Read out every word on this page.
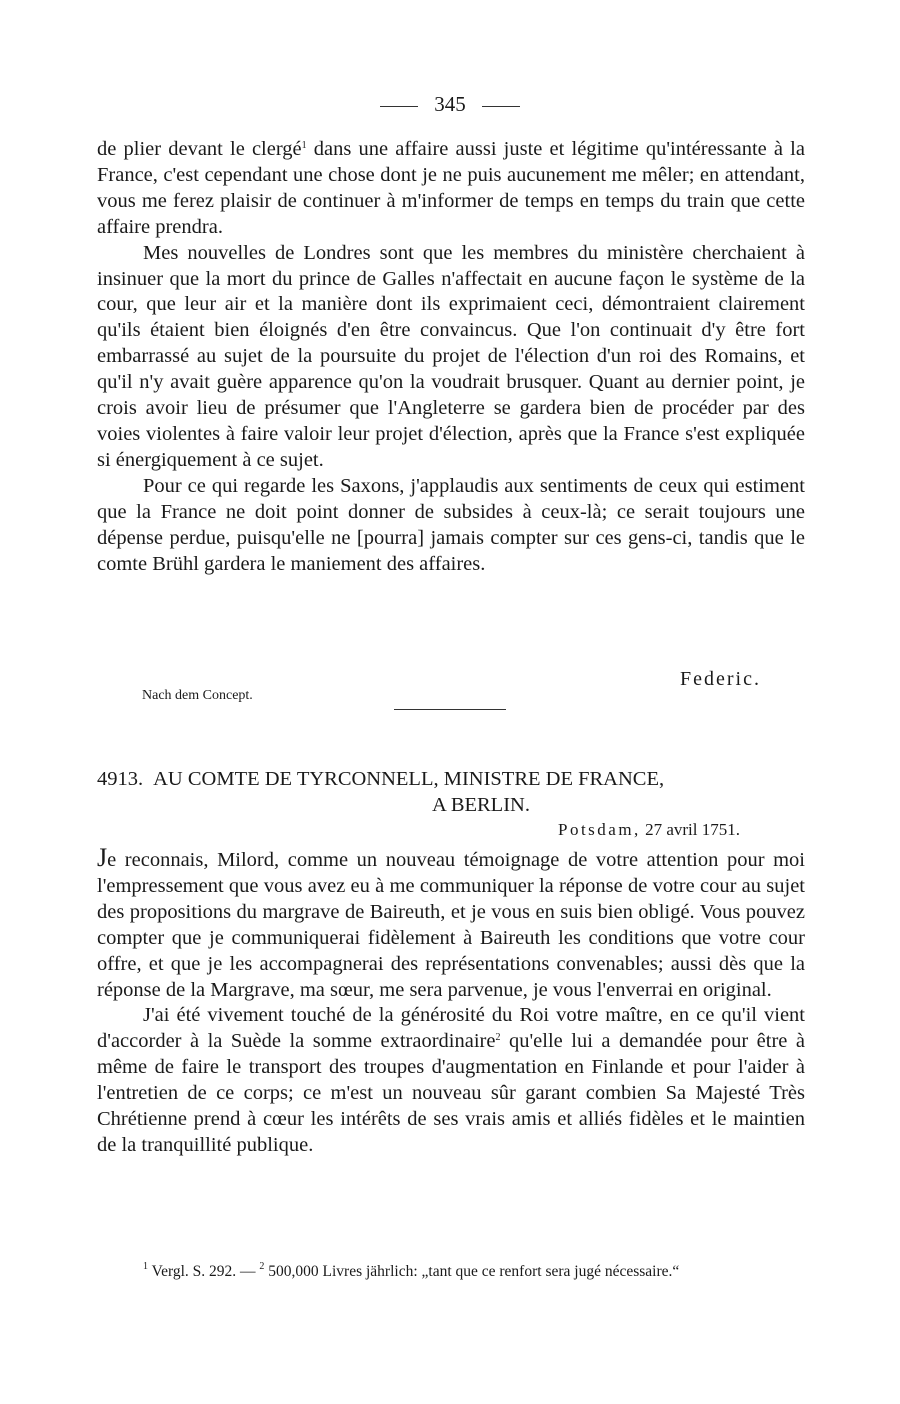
345

de plier devant le clergé$^1$ dans une affaire aussi juste et légitime qu'intéressante à la France, c'est cependant une chose dont je ne puis aucunement me mêler; en attendant, vous me ferez plaisir de continuer à m'informer de temps en temps du train que cette affaire prendra.

Mes nouvelles de Londres sont que les membres du ministère cherchaient à insinuer que la mort du prince de Galles n'affectait en aucune façon le système de la cour, que leur air et la manière dont ils exprimaient ceci, démontraient clairement qu'ils étaient bien éloignés d'en être convaincus. Que l'on continuait d'y être fort embarrassé au sujet de la poursuite du projet de l'élection d'un roi des Romains, et qu'il n'y avait guère apparence qu'on la voudrait brusquer. Quant au dernier point, je crois avoir lieu de présumer que l'Angleterre se gardera bien de procéder par des voies violentes à faire valoir leur projet d'élection, après que la France s'est expliquée si énergiquement à ce sujet.

Pour ce qui regarde les Saxons, j'applaudis aux sentiments de ceux qui estiment que la France ne doit point donner de subsides à ceux-là; ce serait toujours une dépense perdue, puisqu'elle ne [pourra] jamais compter sur ces gens-ci, tandis que le comte Brühl gardera le maniement des affaires.

Federic.
Nach dem Concept.
4913. AU COMTE DE TYRCONNELL, MINISTRE DE FRANCE,
A BERLIN.
Potsdam, 27 avril 1751.

Je reconnais, Milord, comme un nouveau témoignage de votre attention pour moi l'empressement que vous avez eu à me communiquer la réponse de votre cour au sujet des propositions du margrave de Baireuth, et je vous en suis bien obligé. Vous pouvez compter que je communiquerai fidèlement à Baireuth les conditions que votre cour offre, et que je les accompagnerai des représentations convenables; aussi dès que la réponse de la Margrave, ma sœur, me sera parvenue, je vous l'enverrai en original.

J'ai été vivement touché de la générosité du Roi votre maître, en ce qu'il vient d'accorder à la Suède la somme extraordinaire$^2$ qu'elle lui a demandée pour être à même de faire le transport des troupes d'augmentation en Finlande et pour l'aider à l'entretien de ce corps; ce m'est un nouveau sûr garant combien Sa Majesté Très Chrétienne prend à cœur les intérêts de ses vrais amis et alliés fidèles et le maintien de la tranquillité publique.

$^1$ Vergl. S. 292. — $^2$ 500,000 Livres jährlich: „tant que ce renfort sera jugé nécessaire.“
